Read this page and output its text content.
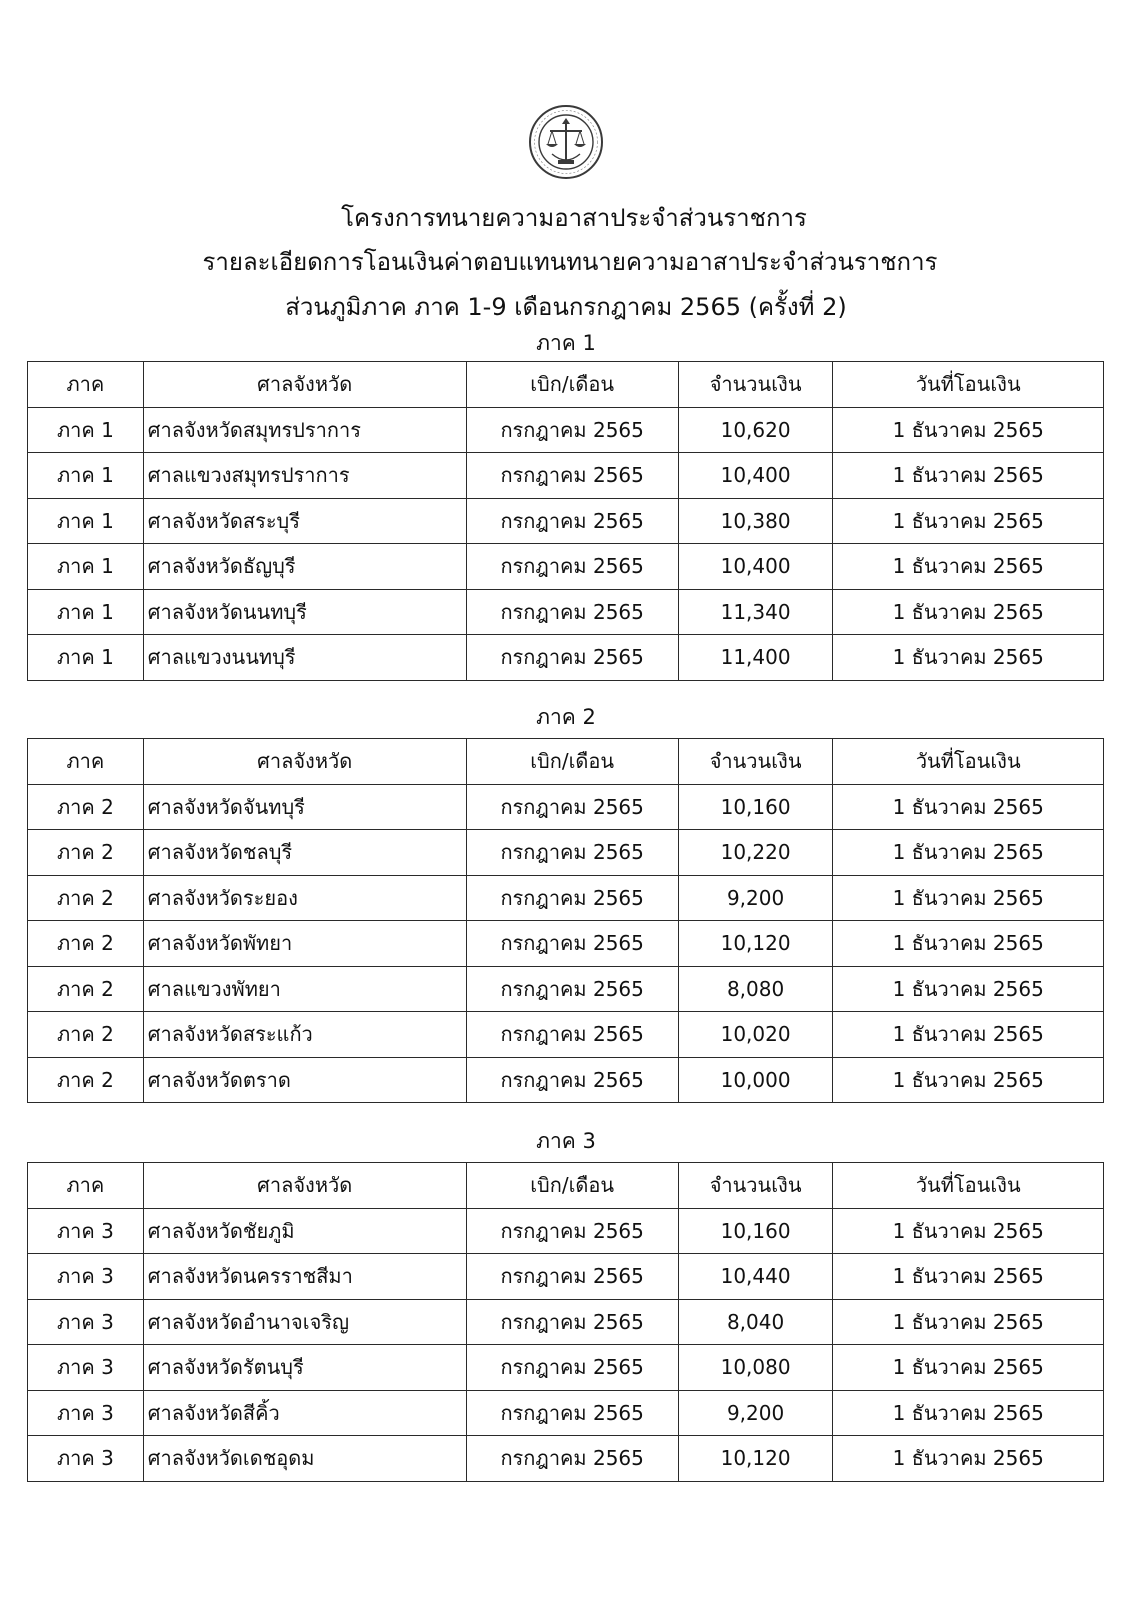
โครงการทนายความอาสาประจำส่วนราชการ
รายละเอียดการโอนเงินค่าตอบแทนทนายความอาสาประจำส่วนราชการ
ส่วนภูมิภาค ภาค 1-9 เดือนกรกฎาคม 2565 (ครั้งที่ 2)
ภาค 1
ภาค	ศาลจังหวัด	เบิก/เดือน	จำนวนเงิน	วันที่โอนเงิน
ภาค 1	ศาลจังหวัดสมุทรปราการ	กรกฎาคม 2565	10,620	1 ธันวาคม 2565
ภาค 1	ศาลแขวงสมุทรปราการ	กรกฎาคม 2565	10,400	1 ธันวาคม 2565
ภาค 1	ศาลจังหวัดสระบุรี	กรกฎาคม 2565	10,380	1 ธันวาคม 2565
ภาค 1	ศาลจังหวัดธัญบุรี	กรกฎาคม 2565	10,400	1 ธันวาคม 2565
ภาค 1	ศาลจังหวัดนนทบุรี	กรกฎาคม 2565	11,340	1 ธันวาคม 2565
ภาค 1	ศาลแขวงนนทบุรี	กรกฎาคม 2565	11,400	1 ธันวาคม 2565
ภาค 2
ภาค	ศาลจังหวัด	เบิก/เดือน	จำนวนเงิน	วันที่โอนเงิน
ภาค 2	ศาลจังหวัดจันทบุรี	กรกฎาคม 2565	10,160	1 ธันวาคม 2565
ภาค 2	ศาลจังหวัดชลบุรี	กรกฎาคม 2565	10,220	1 ธันวาคม 2565
ภาค 2	ศาลจังหวัดระยอง	กรกฎาคม 2565	9,200	1 ธันวาคม 2565
ภาค 2	ศาลจังหวัดพัทยา	กรกฎาคม 2565	10,120	1 ธันวาคม 2565
ภาค 2	ศาลแขวงพัทยา	กรกฎาคม 2565	8,080	1 ธันวาคม 2565
ภาค 2	ศาลจังหวัดสระแก้ว	กรกฎาคม 2565	10,020	1 ธันวาคม 2565
ภาค 2	ศาลจังหวัดตราด	กรกฎาคม 2565	10,000	1 ธันวาคม 2565
ภาค 3
ภาค	ศาลจังหวัด	เบิก/เดือน	จำนวนเงิน	วันที่โอนเงิน
ภาค 3	ศาลจังหวัดชัยภูมิ	กรกฎาคม 2565	10,160	1 ธันวาคม 2565
ภาค 3	ศาลจังหวัดนครราชสีมา	กรกฎาคม 2565	10,440	1 ธันวาคม 2565
ภาค 3	ศาลจังหวัดอำนาจเจริญ	กรกฎาคม 2565	8,040	1 ธันวาคม 2565
ภาค 3	ศาลจังหวัดรัตนบุรี	กรกฎาคม 2565	10,080	1 ธันวาคม 2565
ภาค 3	ศาลจังหวัดสีคิ้ว	กรกฎาคม 2565	9,200	1 ธันวาคม 2565
ภาค 3	ศาลจังหวัดเดชอุดม	กรกฎาคม 2565	10,120	1 ธันวาคม 2565
